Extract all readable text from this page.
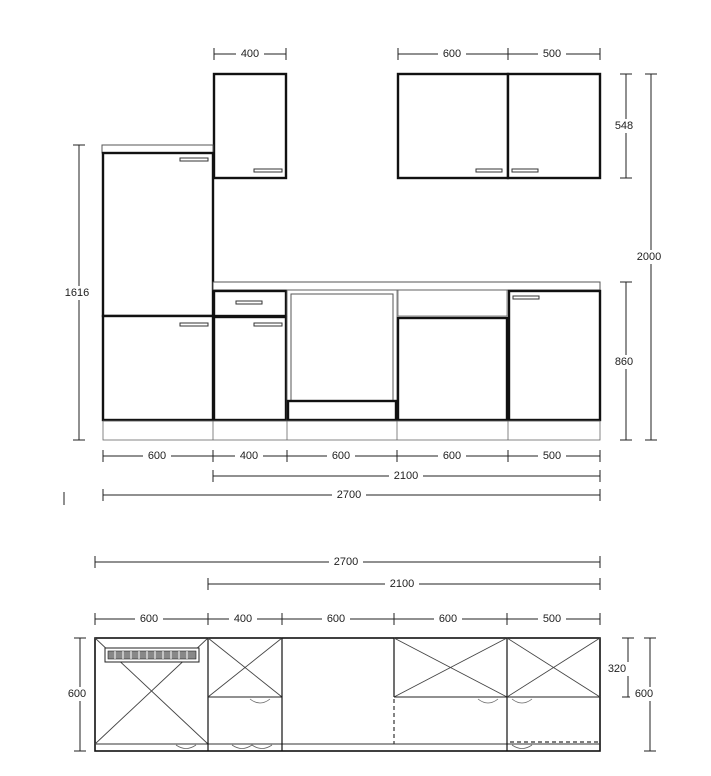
400	600	500
548
860
2000
1616
600	400	600	600	500
2100
2700
2700
2100
600	400	600	600	500
600
320
600
